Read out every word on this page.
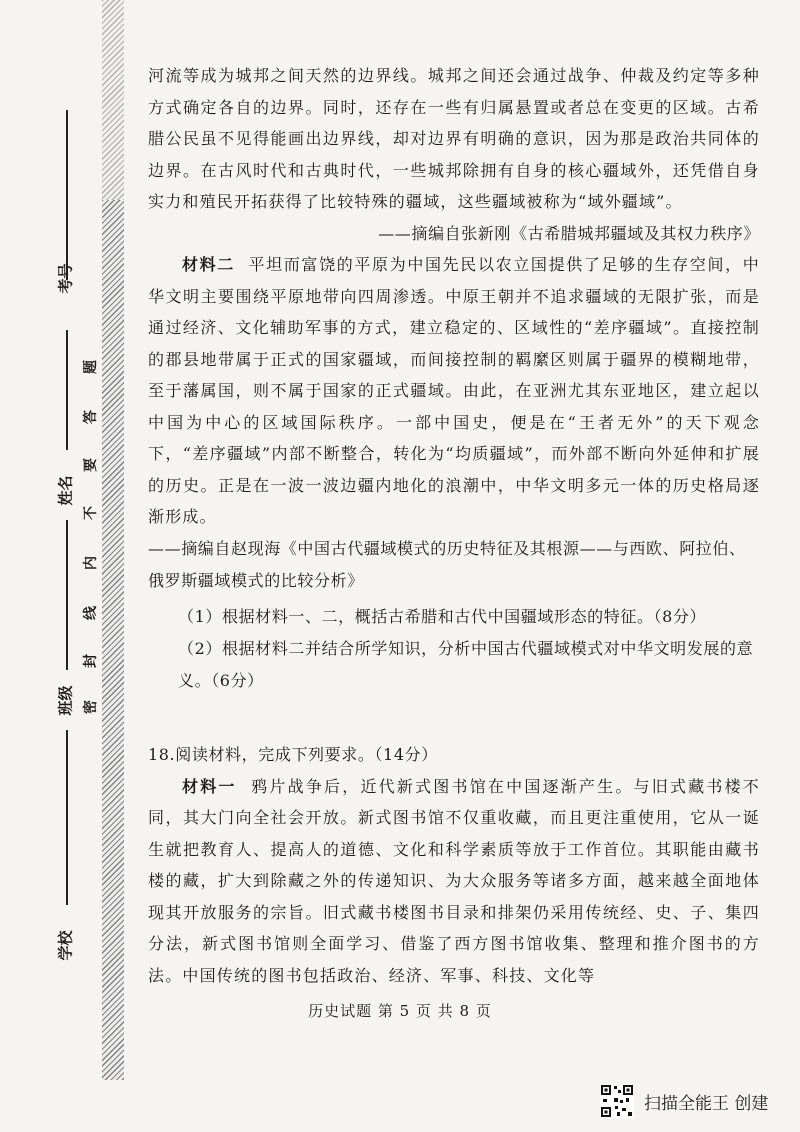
考号
姓名
班级
学校
题
答
要
不
内
线
封
密

河流等成为城邦之间天然的边界线。城邦之间还会通过战争、仲裁及约定等多种方式确定各自的边界。同时，还存在一些有归属悬置或者总在变更的区域。古希腊公民虽不见得能画出边界线，却对边界有明确的意识，因为那是政治共同体的边界。在古风时代和古典时代，一些城邦除拥有自身的核心疆域外，还凭借自身实力和殖民开拓获得了比较特殊的疆域，这些疆域被称为“域外疆域”。

——摘编自张新刚《古希腊城邦疆域及其权力秩序》

材料二 平坦而富饶的平原为中国先民以农立国提供了足够的生存空间，中华文明主要围绕平原地带向四周渗透。中原王朝并不追求疆域的无限扩张，而是通过经济、文化辅助军事的方式，建立稳定的、区域性的“差序疆域”。直接控制的郡县地带属于正式的国家疆域，而间接控制的羁縻区则属于疆界的模糊地带，至于藩属国，则不属于国家的正式疆域。由此，在亚洲尤其东亚地区，建立起以中国为中心的区域国际秩序。一部中国史，便是在“王者无外”的天下观念下，“差序疆域”内部不断整合，转化为“均质疆域”，而外部不断向外延伸和扩展的历史。正是在一波一波边疆内地化的浪潮中，中华文明多元一体的历史格局逐渐形成。

——摘编自赵现海《中国古代疆域模式的历史特征及其根源——与西欧、阿拉伯、俄罗斯疆域模式的比较分析》

（1）根据材料一、二，概括古希腊和古代中国疆域形态的特征。（8分）

（2）根据材料二并结合所学知识，分析中国古代疆域模式对中华文明发展的意义。（6分）

18.阅读材料，完成下列要求。（14分）

材料一 鸦片战争后，近代新式图书馆在中国逐渐产生。与旧式藏书楼不同，其大门向全社会开放。新式图书馆不仅重收藏，而且更注重使用，它从一诞生就把教育人、提高人的道德、文化和科学素质等放于工作首位。其职能由藏书楼的藏，扩大到除藏之外的传递知识、为大众服务等诸多方面，越来越全面地体现其开放服务的宗旨。旧式藏书楼图书目录和排架仍采用传统经、史、子、集四分法，新式图书馆则全面学习、借鉴了西方图书馆收集、整理和推介图书的方法。中国传统的图书包括政治、经济、军事、科技、文化等

历史试题 第 5 页 共 8 页
扫描全能王 创建
